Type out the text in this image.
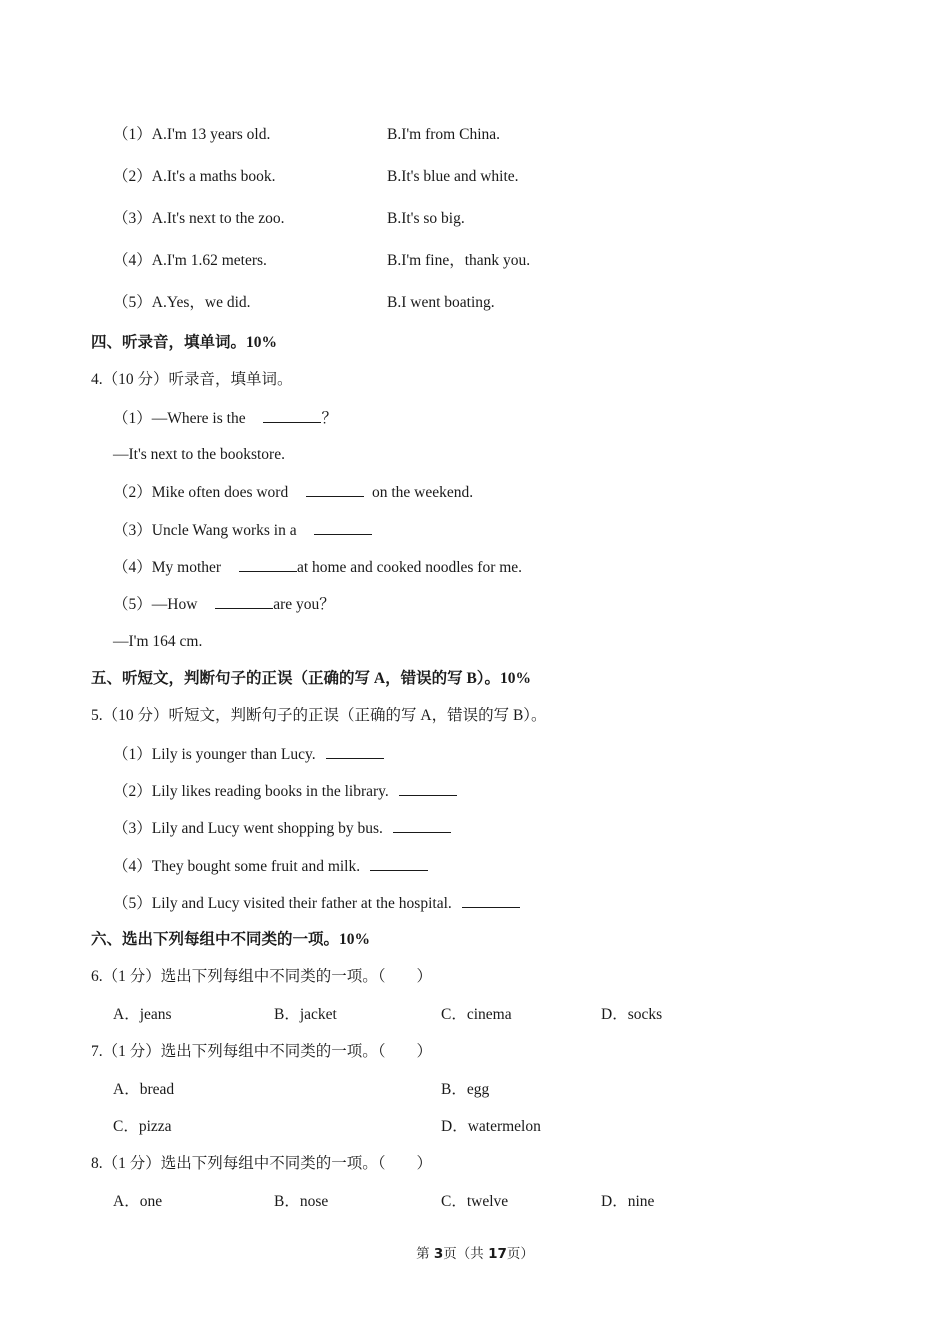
（1）A.I'm 13 years old.	B.I'm from China.
（2）A.It's a maths book.	B.It's blue and white.
（3）A.It's next to the zoo.	B.It's so big.
（4）A.I'm 1.62 meters.	B.I'm fine，thank you.
（5）A.Yes，we did.	B.I went boating.
四、听录音，填单词。10%
4.（10 分）听录音，填单词。
（1）—Where is the	？
—It's next to the bookstore.
（2）Mike often does word	on the weekend.
（3）Uncle Wang works in a
（4）My mother	at home and cooked noodles for me.
（5）—How	are you？
—I'm 164 cm.
五、听短文，判断句子的正误（正确的写 A，错误的写 B）。10%
5.（10 分）听短文，判断句子的正误（正确的写 A，错误的写 B）。
（1）Lily is younger than Lucy.
（2）Lily likes reading books in the library.
（3）Lily and Lucy went shopping by bus.
（4）They bought some fruit and milk.
（5）Lily and Lucy visited their father at the hospital.
六、选出下列每组中不同类的一项。10%
6.（1 分）选出下列每组中不同类的一项。（　　）
A．jeans	B．jacket	C．cinema	D．socks
7.（1 分）选出下列每组中不同类的一项。（　　）
A．bread	B．egg
C．pizza	D．watermelon
8.（1 分）选出下列每组中不同类的一项。（　　）
A．one	B．nose	C．twelve	D．nine
第 3页（共 17页）
